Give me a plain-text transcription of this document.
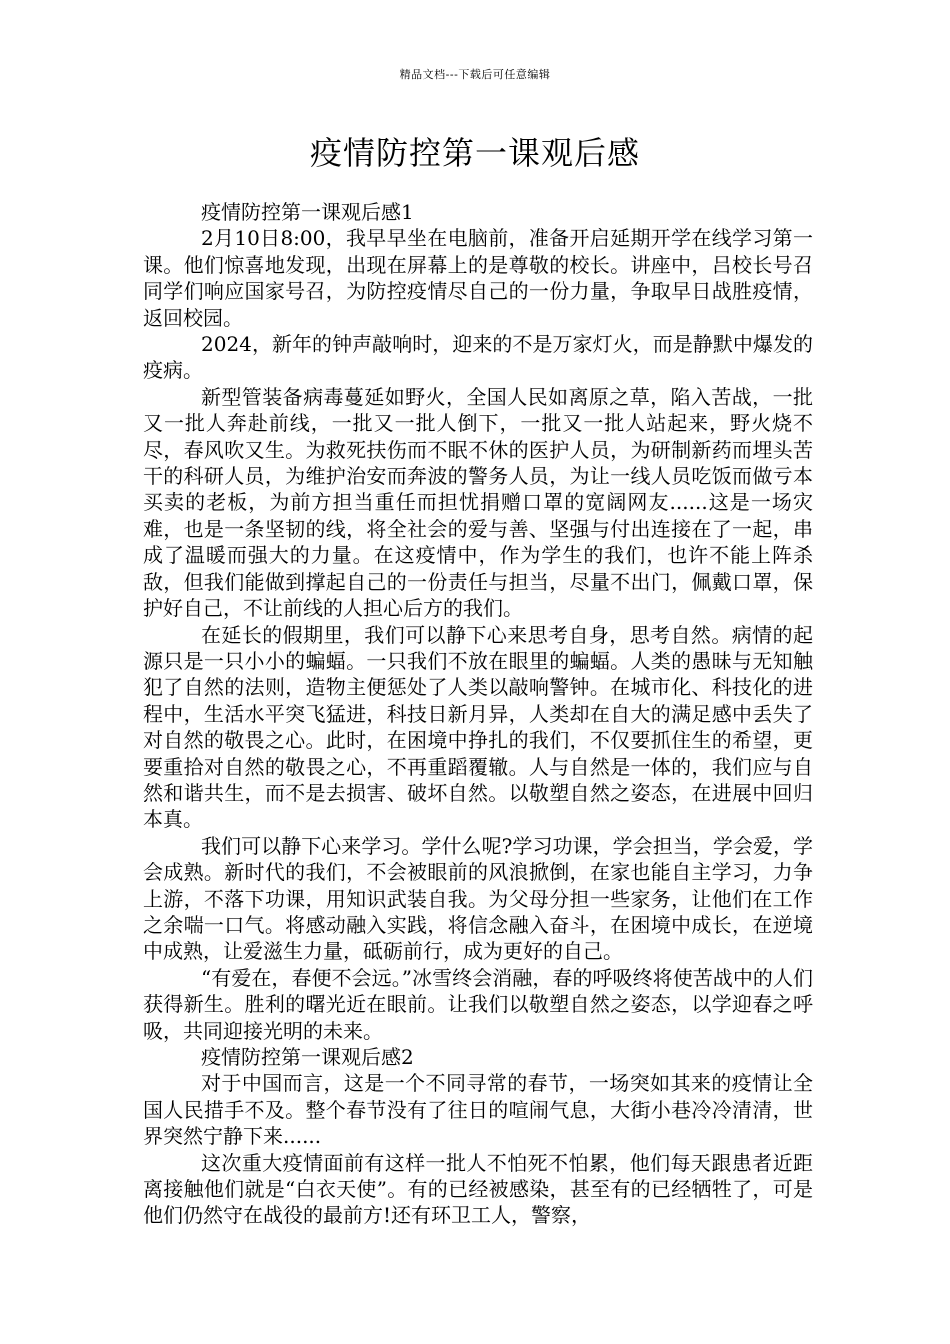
精品文档---下载后可任意编辑
疫情防控第一课观后感

疫情防控第一课观后感1

2月10日8:00，我早早坐在电脑前，准备开启延期开学在线学习第一课。他们惊喜地发现，出现在屏幕上的是尊敬的校长。讲座中，吕校长号召同学们响应国家号召，为防控疫情尽自己的一份力量，争取早日战胜疫情，返回校园。

2024，新年的钟声敲响时，迎来的不是万家灯火，而是静默中爆发的疫病。

新型管装备病毒蔓延如野火，全国人民如离原之草，陷入苦战，一批又一批人奔赴前线，一批又一批人倒下，一批又一批人站起来，野火烧不尽，春风吹又生。为救死扶伤而不眠不休的医护人员，为研制新药而埋头苦干的科研人员，为维护治安而奔波的警务人员，为让一线人员吃饭而做亏本买卖的老板，为前方担当重任而担忧捐赠口罩的宽阔网友......这是一场灾难，也是一条坚韧的线，将全社会的爱与善、坚强与付出连接在了一起，串成了温暖而强大的力量。在这疫情中，作为学生的我们，也许不能上阵杀敌，但我们能做到撑起自己的一份责任与担当，尽量不出门，佩戴口罩，保护好自己，不让前线的人担心后方的我们。

在延长的假期里，我们可以静下心来思考自身，思考自然。病情的起源只是一只小小的蝙蝠。一只我们不放在眼里的蝙蝠。人类的愚昧与无知触犯了自然的法则，造物主便惩处了人类以敲响警钟。在城市化、科技化的进程中，生活水平突飞猛进，科技日新月异，人类却在自大的满足感中丢失了对自然的敬畏之心。此时，在困境中挣扎的我们，不仅要抓住生的希望，更要重拾对自然的敬畏之心，不再重蹈覆辙。人与自然是一体的，我们应与自然和谐共生，而不是去损害、破坏自然。以敬塑自然之姿态，在进展中回归本真。

我们可以静下心来学习。学什么呢?学习功课，学会担当，学会爱，学会成熟。新时代的我们，不会被眼前的风浪掀倒，在家也能自主学习，力争上游，不落下功课，用知识武装自我。为父母分担一些家务，让他们在工作之余喘一口气。将感动融入实践，将信念融入奋斗，在困境中成长，在逆境中成熟，让爱滋生力量，砥砺前行，成为更好的自己。

“有爱在，春便不会远。”冰雪终会消融，春的呼吸终将使苦战中的人们获得新生。胜利的曙光近在眼前。让我们以敬塑自然之姿态，以学迎春之呼吸，共同迎接光明的未来。

疫情防控第一课观后感2

对于中国而言，这是一个不同寻常的春节，一场突如其来的疫情让全国人民措手不及。整个春节没有了往日的喧闹气息，大街小巷冷冷清清，世界突然宁静下来......

这次重大疫情面前有这样一批人不怕死不怕累，他们每天跟患者近距离接触他们就是“白衣天使”。有的已经被感染，甚至有的已经牺牲了，可是他们仍然守在战役的最前方!还有环卫工人，警察，
